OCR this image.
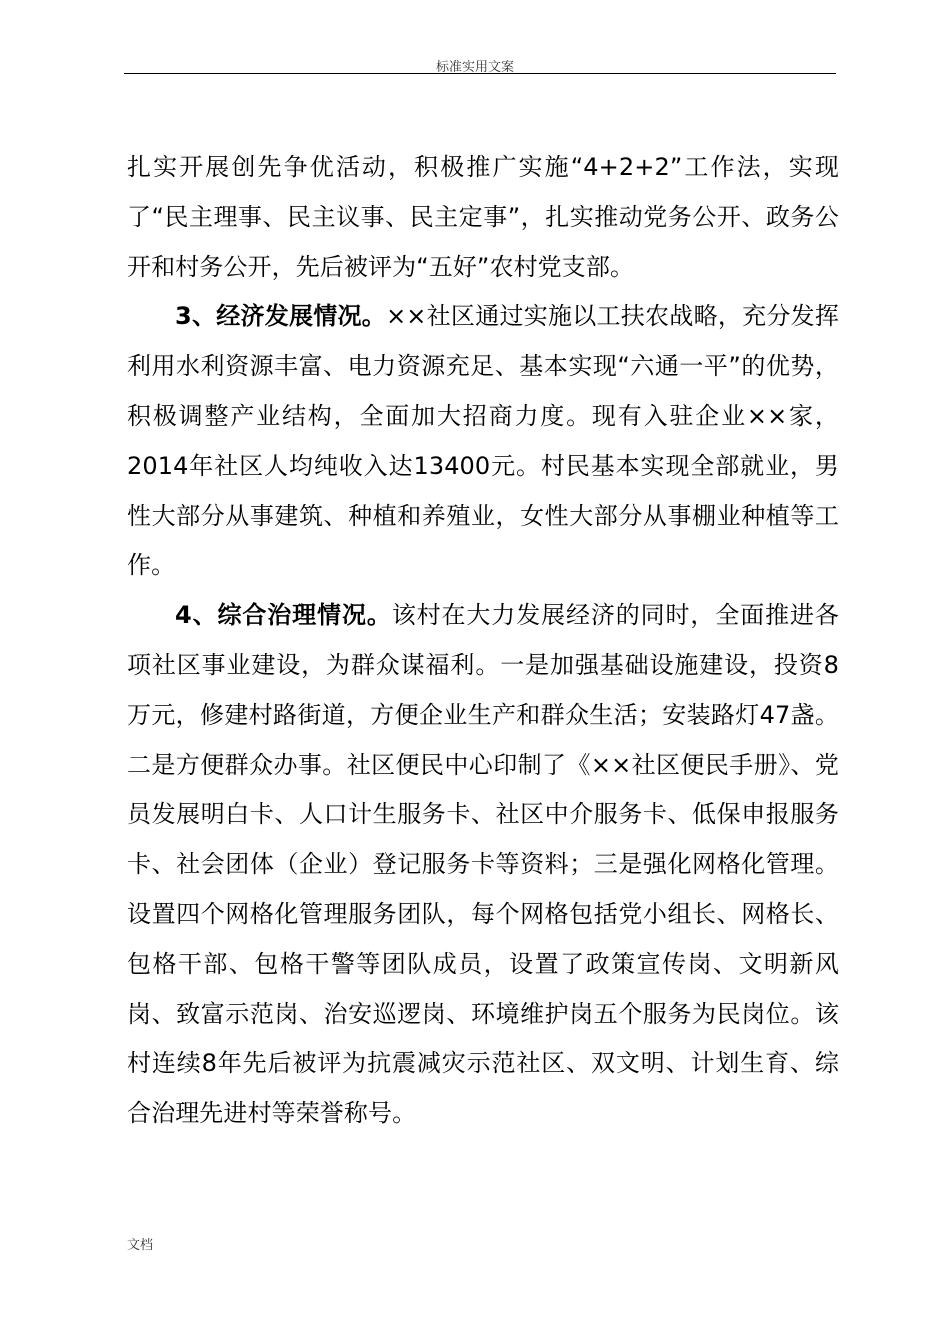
标准实用文案

扎实开展创先争优活动，积极推广实施“4+2+2”工作法，实现了“民主理事、民主议事、民主定事”，扎实推动党务公开、政务公开和村务公开，先后被评为“五好”农村党支部。

3、经济发展情况。××社区通过实施以工扶农战略，充分发挥利用水利资源丰富、电力资源充足、基本实现“六通一平”的优势，积极调整产业结构，全面加大招商力度。现有入驻企业××家，2014年社区人均纯收入达13400元。村民基本实现全部就业，男性大部分从事建筑、种植和养殖业，女性大部分从事棚业种植等工作。

4、综合治理情况。该村在大力发展经济的同时，全面推进各项社区事业建设，为群众谋福利。一是加强基础设施建设，投资8万元，修建村路街道，方便企业生产和群众生活；安装路灯47盏。二是方便群众办事。社区便民中心印制了《××社区便民手册》、党员发展明白卡、人口计生服务卡、社区中介服务卡、低保申报服务卡、社会团体（企业）登记服务卡等资料；三是强化网格化管理。设置四个网格化管理服务团队，每个网格包括党小组长、网格长、包格干部、包格干警等团队成员，设置了政策宣传岗、文明新风岗、致富示范岗、治安巡逻岗、环境维护岗五个服务为民岗位。该村连续8年先后被评为抗震减灾示范社区、双文明、计划生育、综合治理先进村等荣誉称号。

文档
